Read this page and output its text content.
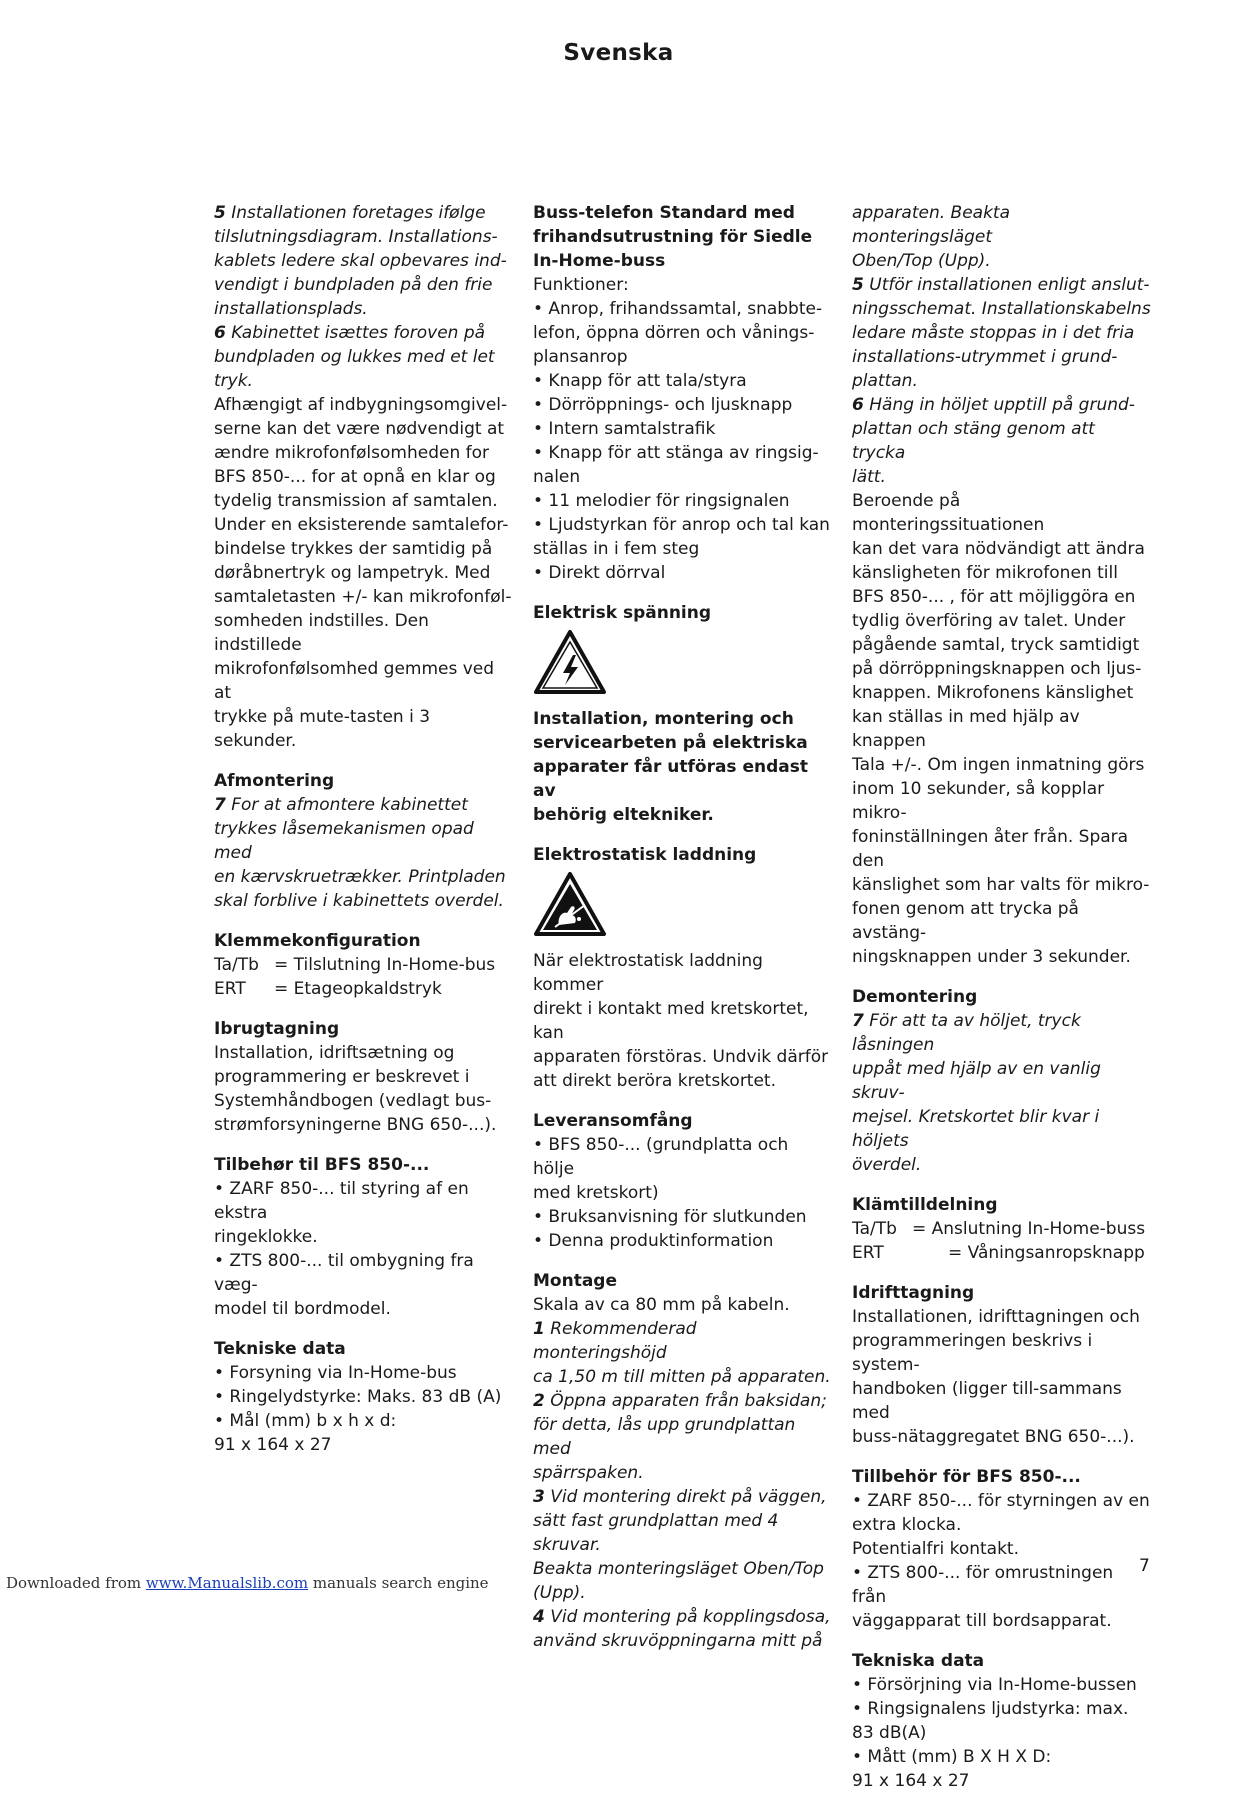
Svenska

5 Installationen foretages ifølge

tilslutningsdiagram. Installations-

kablets ledere skal opbevares ind-

vendigt i bundpladen på den frie

installationsplads.

6 Kabinettet isættes foroven på

bundpladen og lukkes med et let

tryk.

Afhængigt af indbygningsomgivel-

serne kan det være nødvendigt at

ændre mikrofonfølsomheden for

BFS 850-... for at opnå en klar og

tydelig transmission af samtalen.

Under en eksisterende samtalefor-

bindelse trykkes der samtidig på

døråbnertryk og lampetryk. Med

samtaletasten +/- kan mikrofonføl-

somheden indstilles. Den indstillede

mikrofonfølsomhed gemmes ved at

trykke på mute-tasten i 3 sekunder.

Afmontering

7 For at afmontere kabinettet

trykkes låsemekanismen opad med

en kærvskruetrækker. Printpladen

skal forblive i kabinettets overdel.

Klemmekonfiguration

Ta/Tb = Tilslutning In-Home-bus
ERT	= Etageopkaldstryk

Ibrugtagning

Installation, idriftsætning og

programmering er beskrevet i

Systemhåndbogen (vedlagt bus-

strømforsyningerne BNG 650-...).

Tilbehør til BFS 850-...

• ZARF 850-... til styring af en ekstra

ringeklokke.

• ZTS 800-... til ombygning fra væg-

model til bordmodel.

Tekniske data

• Forsyning via In-Home-bus

• Ringelydstyrke: Maks. 83 dB (A)

• Mål (mm) b x h x d:

91 x 164 x 27

Buss-telefon Standard med

frihandsutrustning för Siedle

In-Home-buss

Funktioner:

• Anrop, frihandssamtal, snabbte-

lefon, öppna dörren och vånings-

plansanrop

• Knapp för att tala/styra

• Dörröppnings- och ljusknapp

• Intern samtalstrafik

• Knapp för att stänga av ringsig-

nalen

• 11 melodier för ringsignalen

• Ljudstyrkan för anrop och tal kan

ställas in i fem steg

• Direkt dörrval

Elektrisk spänning

Installation, montering och

servicearbeten på elektriska

apparater får utföras endast av

behörig eltekniker.

Elektrostatisk laddning

När elektrostatisk laddning kommer

direkt i kontakt med kretskortet, kan

apparaten förstöras. Undvik därför

att direkt beröra kretskortet.

Leveransomfång

• BFS 850-... (grundplatta och hölje

med kretskort)

• Bruksanvisning för slutkunden

• Denna produktinformation

Montage

Skala av ca 80 mm på kabeln.

1 Rekommenderad monteringshöjd

ca 1,50 m till mitten på apparaten.

2 Öppna apparaten från baksidan;

för detta, lås upp grundplattan med

spärrspaken.

3 Vid montering direkt på väggen,

sätt fast grundplattan med 4 skruvar.

Beakta monteringsläget Oben/Top

(Upp).

4 Vid montering på kopplingsdosa,

använd skruvöppningarna mitt på

apparaten. Beakta monteringsläget

Oben/Top (Upp).

5 Utför installationen enligt anslut-

ningsschemat. Installationskabelns

ledare måste stoppas in i det fria

installations-utrymmet i grund-

plattan.

6 Häng in höljet upptill på grund-

plattan och stäng genom att trycka

lätt.

Beroende på monteringssituationen

kan det vara nödvändigt att ändra

känsligheten för mikrofonen till

BFS 850-... , för att möjliggöra en

tydlig överföring av talet. Under

pågående samtal, tryck samtidigt

på dörröppningsknappen och ljus-

knappen. Mikrofonens känslighet

kan ställas in med hjälp av knappen

Tala +/-. Om ingen inmatning görs

inom 10 sekunder, så kopplar mikro-

foninställningen åter från. Spara den

känslighet som har valts för mikro-

fonen genom att trycka på avstäng-

ningsknappen under 3 sekunder.

Demontering

7 För att ta av höljet, tryck låsningen

uppåt med hjälp av en vanlig skruv-

mejsel. Kretskortet blir kvar i höljets

överdel.

Klämtilldelning

Ta/Tb = Anslutning In-Home-buss
ERT	= Våningsanropsknapp

Idrifttagning

Installationen, idrifttagningen och

programmeringen beskrivs i system-

handboken (ligger till-sammans med

buss-nätaggregatet BNG 650-...).

Tillbehör för BFS 850-...

• ZARF 850-... för styrningen av en

extra klocka.

Potentialfri kontakt.

• ZTS 800-... för omrustningen från

väggapparat till bordsapparat.

Tekniska data

• Försörjning via In-Home-bussen

• Ringsignalens ljudstyrka: max.

83 dB(A)

• Mått (mm) B X H X D:

91 x 164 x 27

7
Downloaded from www.Manualslib.com manuals search engine
